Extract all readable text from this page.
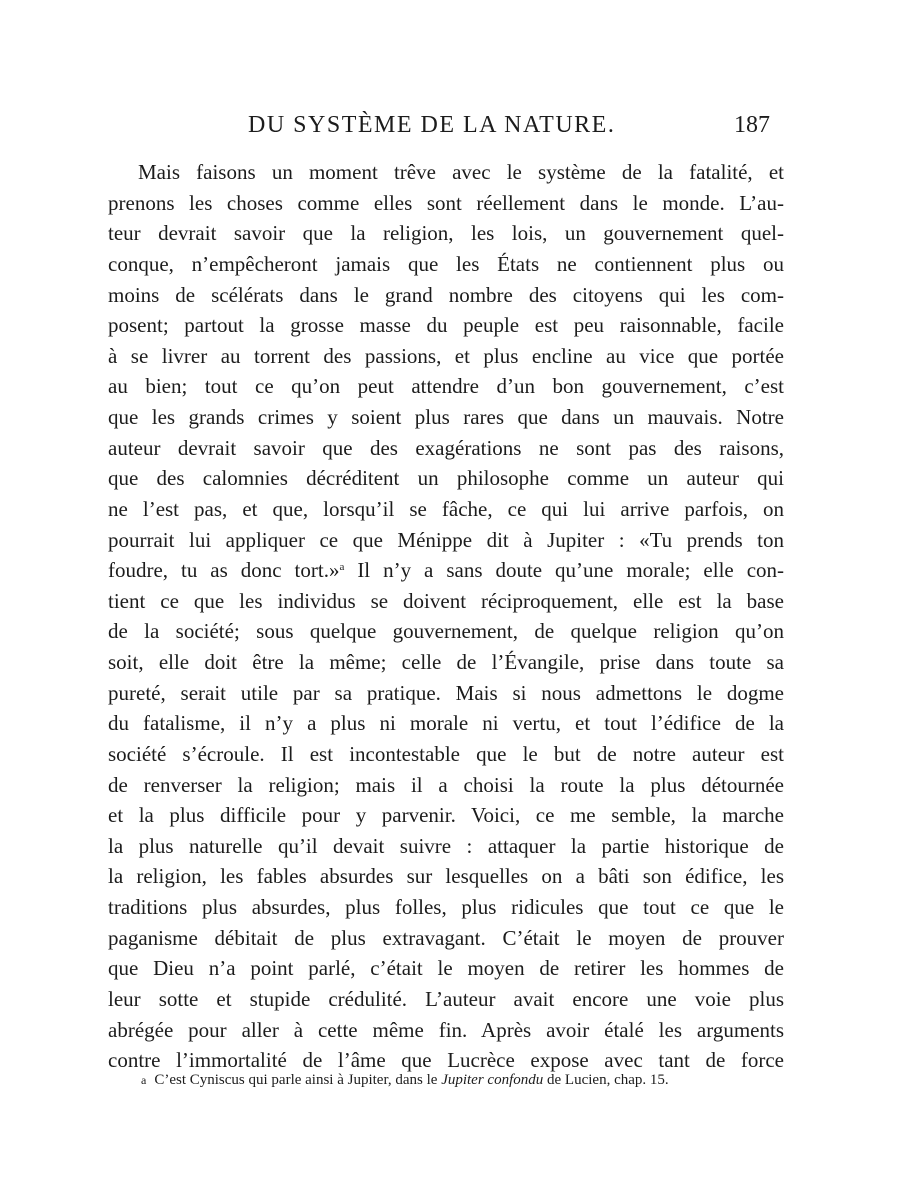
DU SYSTÈME DE LA NATURE.	187
Mais faisons un moment trêve avec le système de la fatalité, et
prenons les choses comme elles sont réellement dans le monde. L’au-
teur devrait savoir que la religion, les lois, un gouvernement quel-
conque, n’empêcheront jamais que les États ne contiennent plus ou
moins de scélérats dans le grand nombre des citoyens qui les com-
posent; partout la grosse masse du peuple est peu raisonnable, facile
à se livrer au torrent des passions, et plus encline au vice que portée
au bien; tout ce qu’on peut attendre d’un bon gouvernement, c’est
que les grands crimes y soient plus rares que dans un mauvais. Notre
auteur devrait savoir que des exagérations ne sont pas des raisons,
que des calomnies décréditent un philosophe comme un auteur qui
ne l’est pas, et que, lorsqu’il se fâche, ce qui lui arrive parfois, on
pourrait lui appliquer ce que Ménippe dit à Jupiter : «Tu prends ton
foudre, tu as donc tort.»$^a$ Il n’y a sans doute qu’une morale; elle con-
tient ce que les individus se doivent réciproquement, elle est la base
de la société; sous quelque gouvernement, de quelque religion qu’on
soit, elle doit être la même; celle de l’Évangile, prise dans toute sa
pureté, serait utile par sa pratique. Mais si nous admettons le dogme
du fatalisme, il n’y a plus ni morale ni vertu, et tout l’édifice de la
société s’écroule. Il est incontestable que le but de notre auteur est
de renverser la religion; mais il a choisi la route la plus détournée
et la plus difficile pour y parvenir. Voici, ce me semble, la marche
la plus naturelle qu’il devait suivre : attaquer la partie historique de
la religion, les fables absurdes sur lesquelles on a bâti son édifice, les
traditions plus absurdes, plus folles, plus ridicules que tout ce que le
paganisme débitait de plus extravagant. C’était le moyen de prouver
que Dieu n’a point parlé, c’était le moyen de retirer les hommes de
leur sotte et stupide crédulité. L’auteur avait encore une voie plus
abrégée pour aller à cette même fin. Après avoir étalé les arguments
contre l’immortalité de l’âme que Lucrèce expose avec tant de force
a C’est Cyniscus qui parle ainsi à Jupiter, dans le Jupiter confondu de Lucien, chap. 15.
